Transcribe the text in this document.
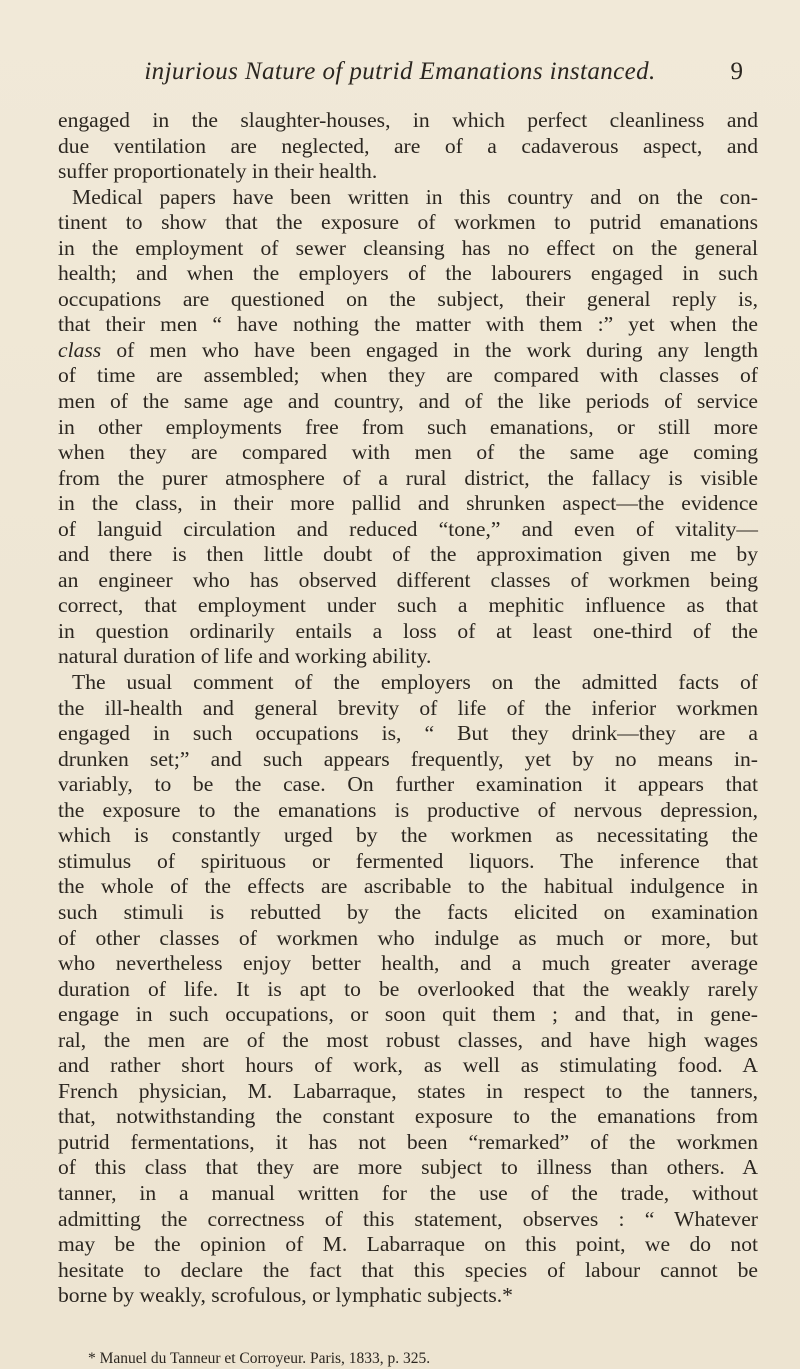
injurious Nature of putrid Emanations instanced.	9
engaged in the slaughter-houses, in which perfect cleanliness and
due ventilation are neglected, are of a cadaverous aspect, and
suffer proportionately in their health.
Medical papers have been written in this country and on the con-
tinent to show that the exposure of workmen to putrid emanations
in the employment of sewer cleansing has no effect on the general
health; and when the employers of the labourers engaged in such
occupations are questioned on the subject, their general reply is,
that their men “ have nothing the matter with them :” yet when the
class of men who have been engaged in the work during any length
of time are assembled; when they are compared with classes of
men of the same age and country, and of the like periods of service
in other employments free from such emanations, or still more
when they are compared with men of the same age coming
from the purer atmosphere of a rural district, the fallacy is visible
in the class, in their more pallid and shrunken aspect—the evidence
of languid circulation and reduced “tone,” and even of vitality—
and there is then little doubt of the approximation given me by
an engineer who has observed different classes of workmen being
correct, that employment under such a mephitic influence as that
in question ordinarily entails a loss of at least one-third of the
natural duration of life and working ability.
The usual comment of the employers on the admitted facts of
the ill-health and general brevity of life of the inferior workmen
engaged in such occupations is, “ But they drink—they are a
drunken set;” and such appears frequently, yet by no means in-
variably, to be the case. On further examination it appears that
the exposure to the emanations is productive of nervous depression,
which is constantly urged by the workmen as necessitating the
stimulus of spirituous or fermented liquors. The inference that
the whole of the effects are ascribable to the habitual indulgence in
such stimuli is rebutted by the facts elicited on examination
of other classes of workmen who indulge as much or more, but
who nevertheless enjoy better health, and a much greater average
duration of life. It is apt to be overlooked that the weakly rarely
engage in such occupations, or soon quit them ; and that, in gene-
ral, the men are of the most robust classes, and have high wages
and rather short hours of work, as well as stimulating food. A
French physician, M. Labarraque, states in respect to the tanners,
that, notwithstanding the constant exposure to the emanations from
putrid fermentations, it has not been “remarked” of the workmen
of this class that they are more subject to illness than others. A
tanner, in a manual written for the use of the trade, without
admitting the correctness of this statement, observes : “ Whatever
may be the opinion of M. Labarraque on this point, we do not
hesitate to declare the fact that this species of labour cannot be
borne by weakly, scrofulous, or lymphatic subjects.*
* Manuel du Tanneur et Corroyeur. Paris, 1833, p. 325.
